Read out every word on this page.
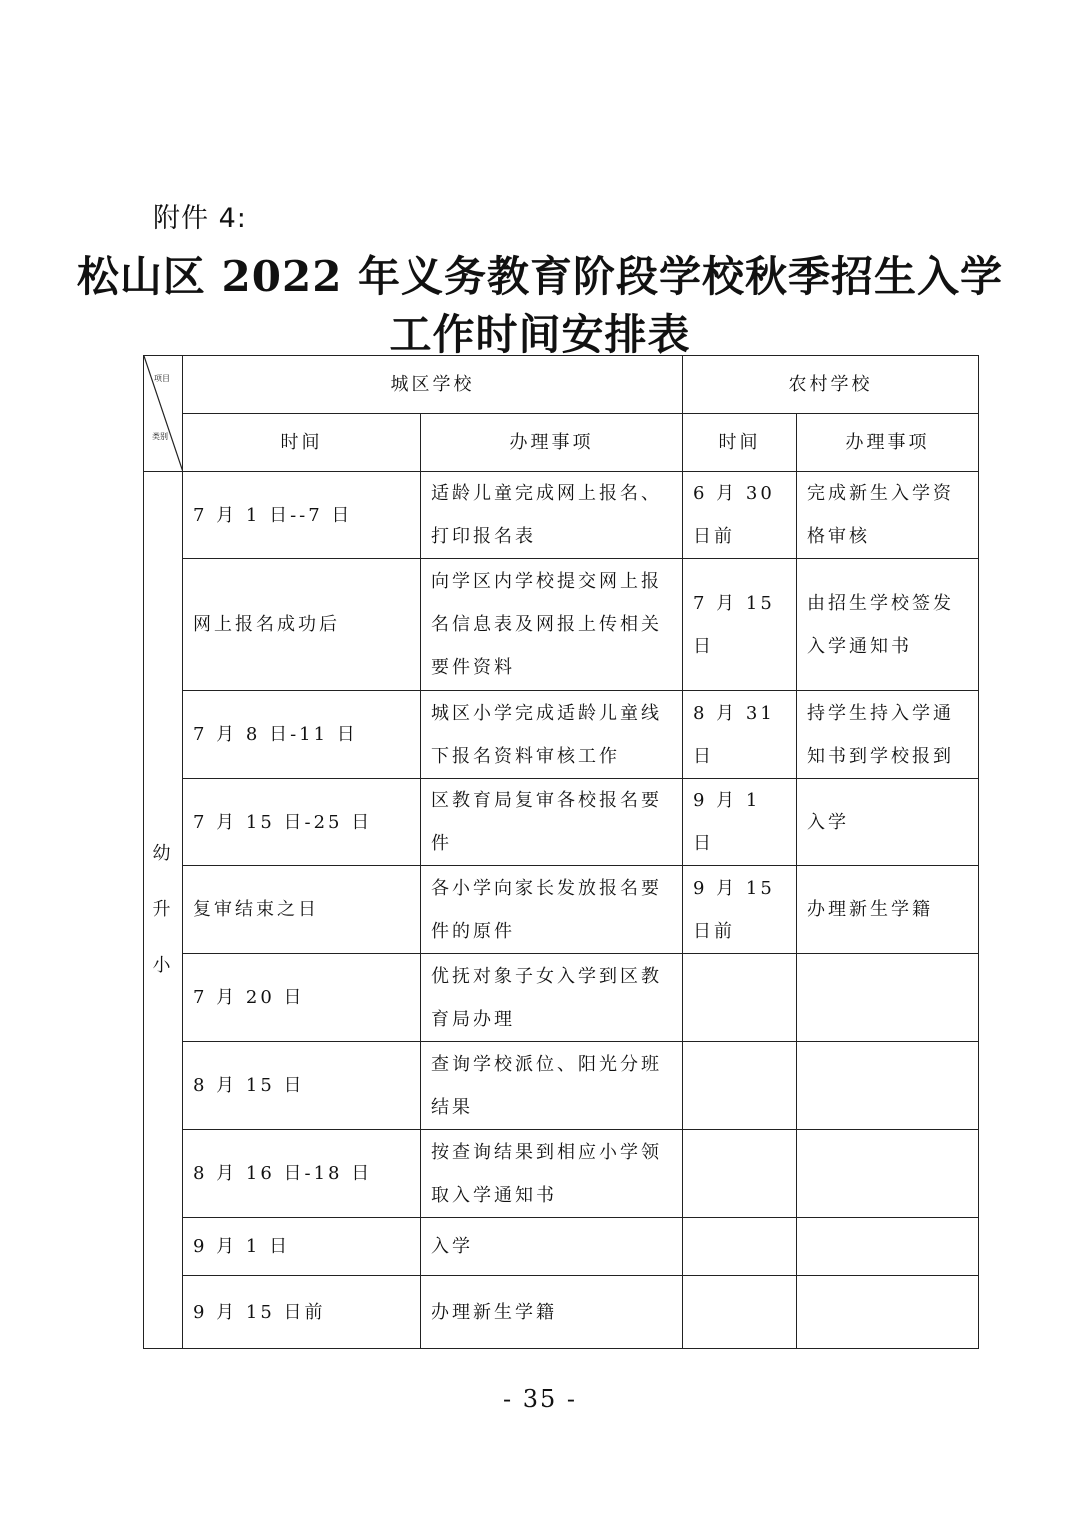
附件 4:
松山区 2022 年义务教育阶段学校秋季招生入学
工作时间安排表
项目
类别	城区学校		农村学校	
	时间	办理事项	时间	办理事项

幼
升
小	7 月 1 日--7 日	适龄儿童完成网上报名、打印报名表	6 月 30 日前	完成新生入学资格审核
	网上报名成功后	向学区内学校提交网上报名信息表及网报上传相关要件资料	7 月 15 日	由招生学校签发入学通知书
	7 月 8 日-11 日	城区小学完成适龄儿童线下报名资料审核工作	8 月 31 日	持学生持入学通知书到学校报到
	7 月 15 日-25 日	区教育局复审各校报名要件	9 月 1 日	入学
	复审结束之日	各小学向家长发放报名要件的原件	9 月 15 日前	办理新生学籍
	7 月 20 日	优抚对象子女入学到区教育局办理		
	8 月 15 日	查询学校派位、阳光分班结果		
	8 月 16 日-18 日	按查询结果到相应小学领取入学通知书		
	9 月 1 日	入学		
	9 月 15 日前	办理新生学籍		
- 35 -
